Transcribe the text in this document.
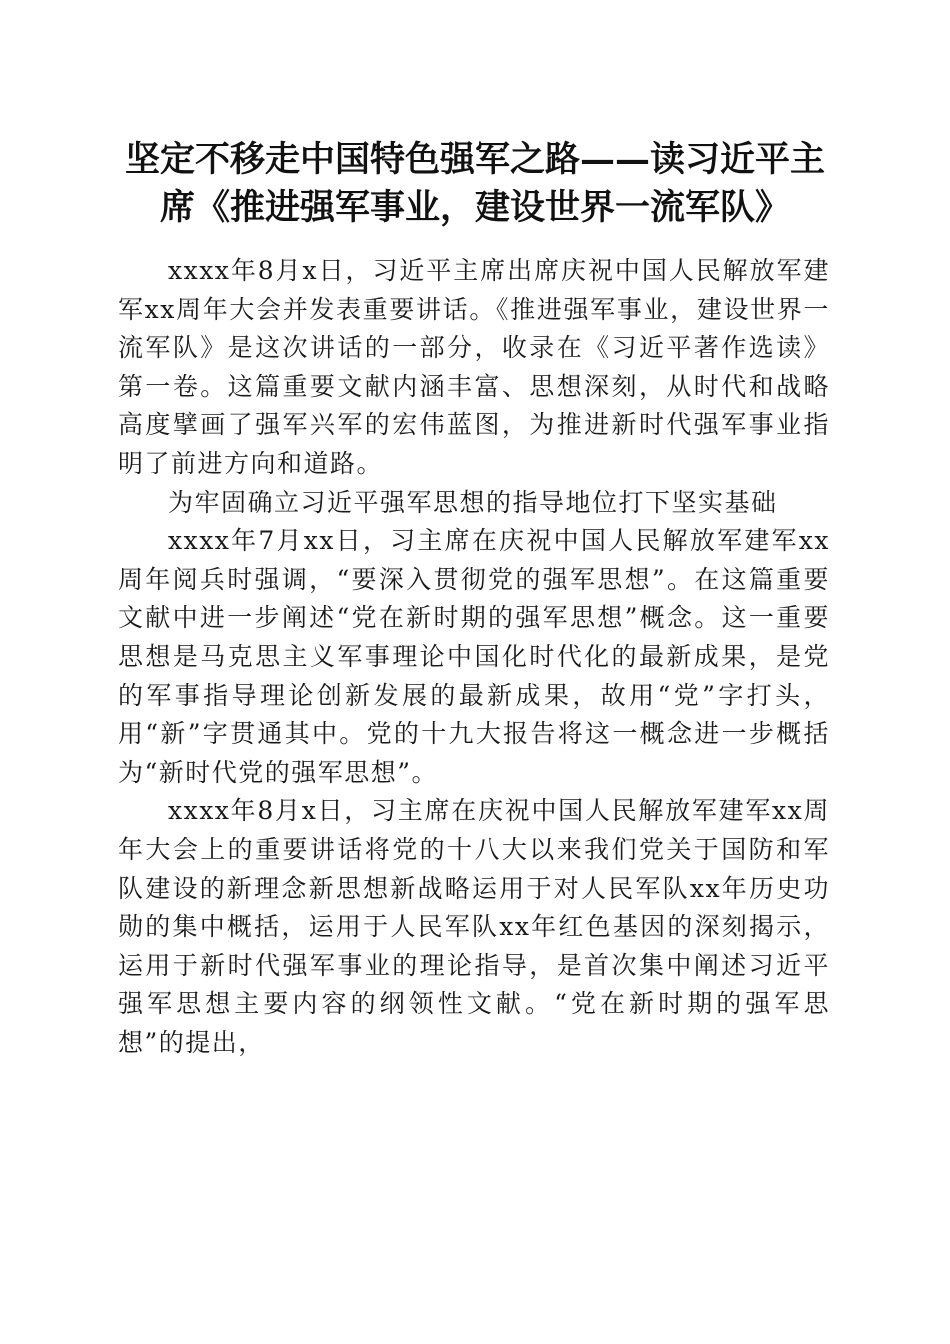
坚定不移走中国特色强军之路——读习近平主
席《推进强军事业，建设世界一流军队》

xxxx年8月x日，习近平主席出席庆祝中国人民解放军建军xx周年大会并发表重要讲话。《推进强军事业，建设世界一流军队》是这次讲话的一部分，收录在《习近平著作选读》第一卷。这篇重要文献内涵丰富、思想深刻，从时代和战略高度擘画了强军兴军的宏伟蓝图，为推进新时代强军事业指明了前进方向和道路。

为牢固确立习近平强军思想的指导地位打下坚实基础

xxxx年7月xx日，习主席在庆祝中国人民解放军建军xx周年阅兵时强调，“要深入贯彻党的强军思想”。在这篇重要文献中进一步阐述“党在新时期的强军思想”概念。这一重要思想是马克思主义军事理论中国化时代化的最新成果，是党的军事指导理论创新发展的最新成果，故用“党”字打头，用“新”字贯通其中。党的十九大报告将这一概念进一步概括为“新时代党的强军思想”。

xxxx年8月x日，习主席在庆祝中国人民解放军建军xx周年大会上的重要讲话将党的十八大以来我们党关于国防和军队建设的新理念新思想新战略运用于对人民军队xx年历史功勋的集中概括，运用于人民军队xx年红色基因的深刻揭示，运用于新时代强军事业的理论指导，是首次集中阐述习近平强军思想主要内容的纲领性文献。“党在新时期的强军思想”的提出，
